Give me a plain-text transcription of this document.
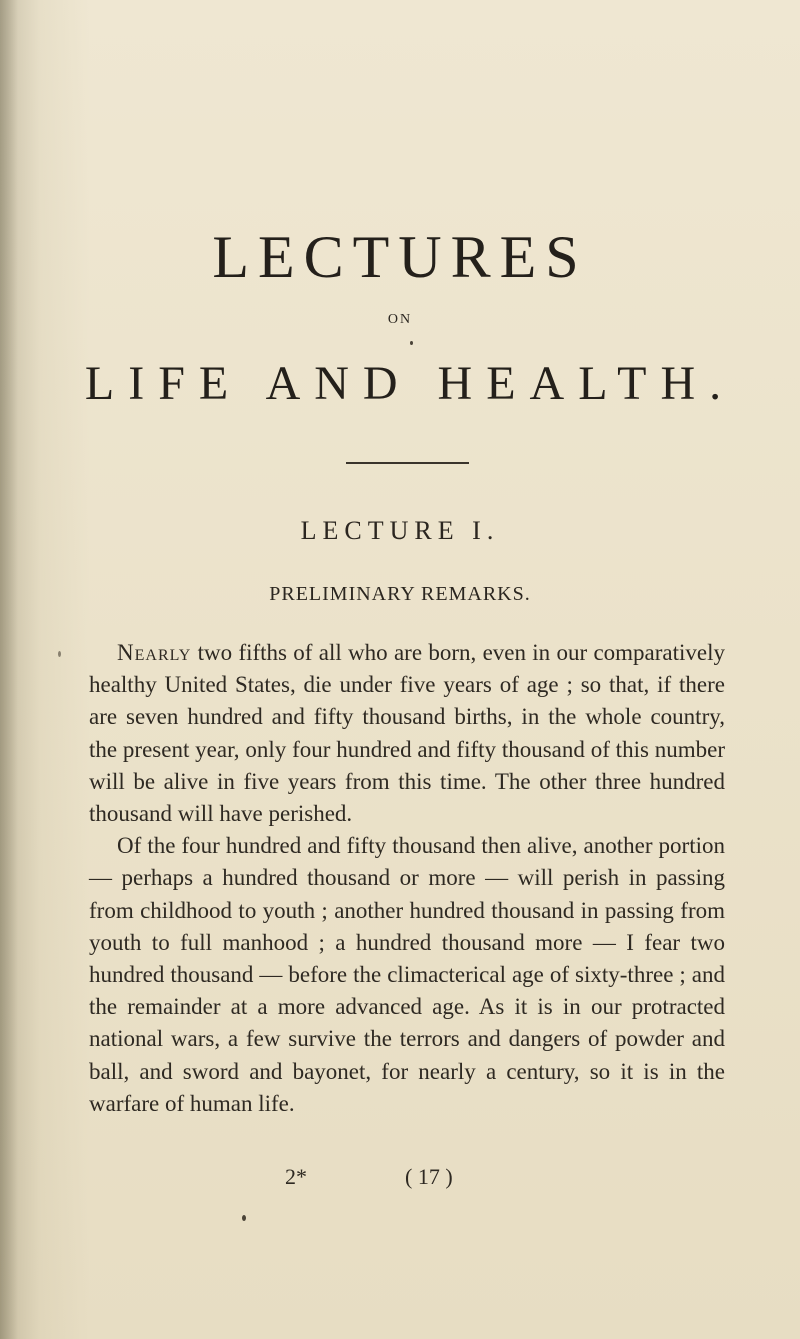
LECTURES
ON
LIFE AND HEALTH.
LECTURE I.
PRELIMINARY REMARKS.

Nearly two fifths of all who are born, even in our comparatively healthy United States, die under five years of age ; so that, if there are seven hundred and fifty thousand births, in the whole country, the present year, only four hundred and fifty thousand of this number will be alive in five years from this time. The other three hundred thousand will have perished.

Of the four hundred and fifty thousand then alive, another portion — perhaps a hundred thousand or more — will perish in passing from childhood to youth ; another hundred thousand in passing from youth to full manhood ; a hundred thousand more — I fear two hundred thousand — before the climacterical age of sixty-three ; and the remainder at a more advanced age. As it is in our protracted national wars, a few survive the terrors and dangers of powder and ball, and sword and bayonet, for nearly a century, so it is in the warfare of human life.

2*	( 17 )
